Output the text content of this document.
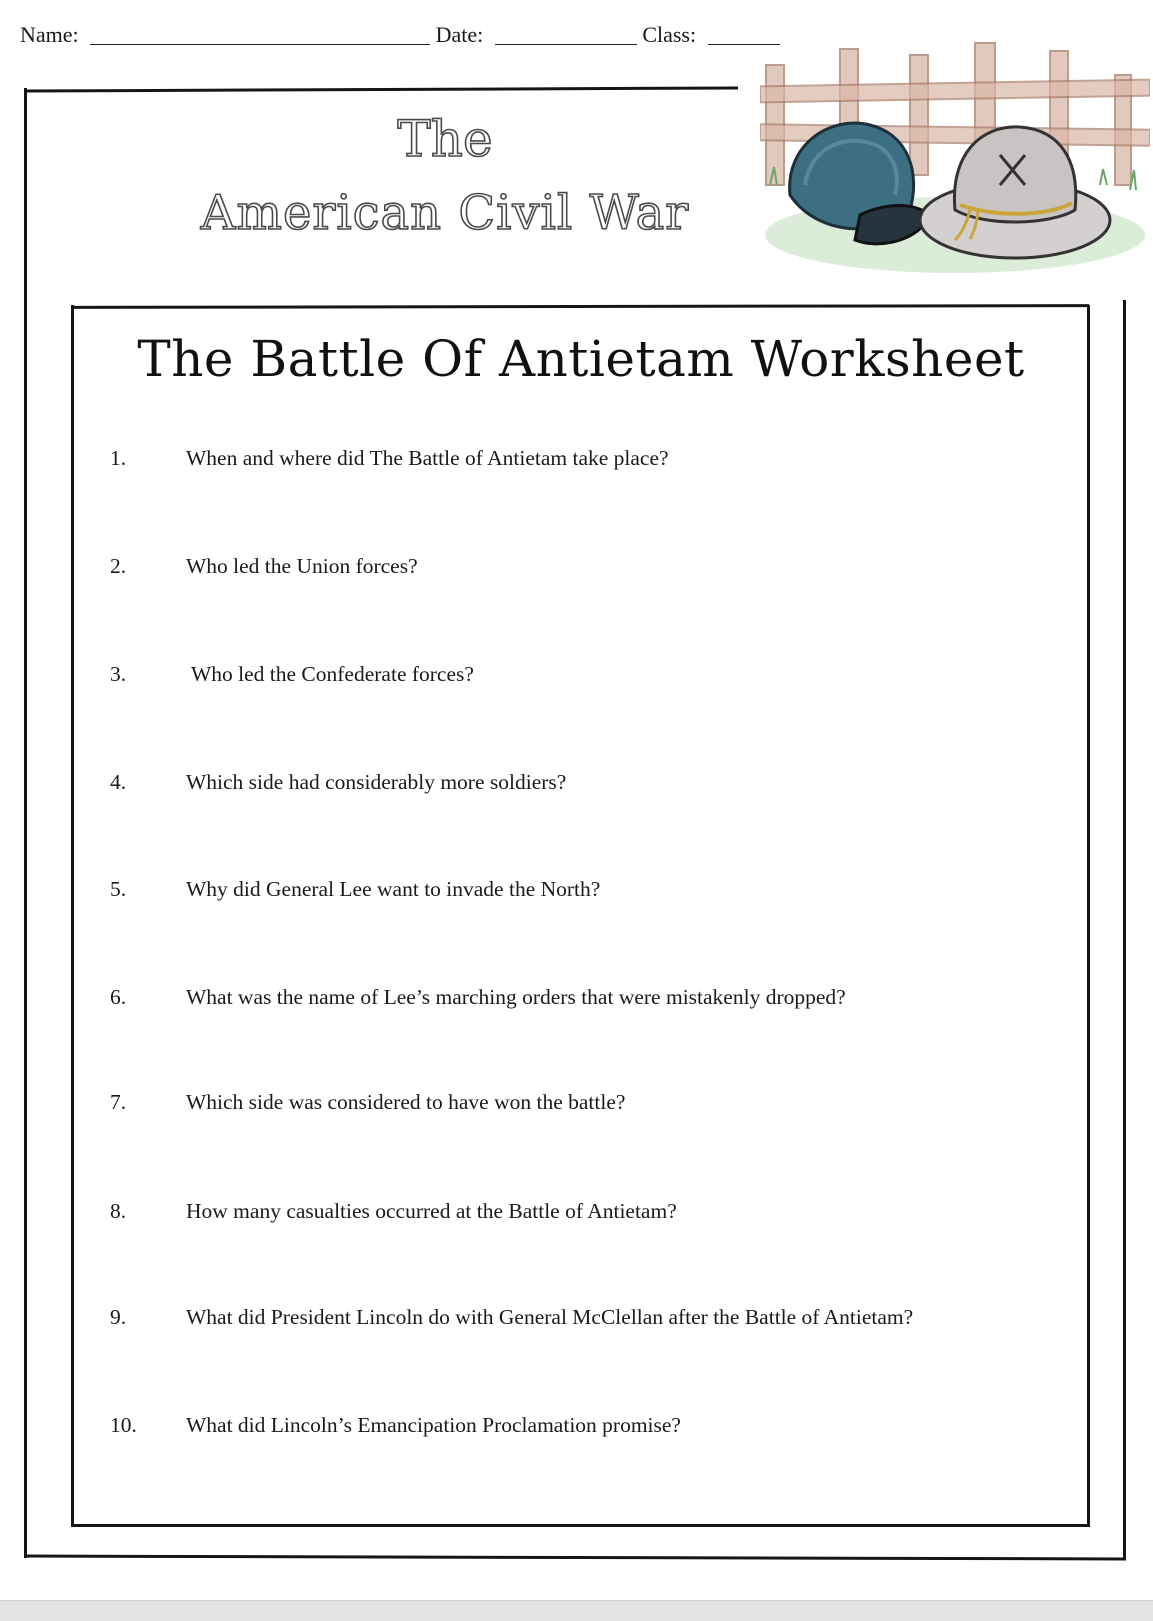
Name:	Date:	Class:
The
American Civil War
The Battle Of Antietam Worksheet
1.	When and where did The Battle of Antietam take place?
2.	Who led the Union forces?
3.	Who led the Confederate forces?
4.	Which side had considerably more soldiers?
5.	Why did General Lee want to invade the North?
6.	What was the name of Lee’s marching orders that were mistakenly dropped?
7.	Which side was considered to have won the battle?
8.	How many casualties occurred at the Battle of Antietam?
9.	What did President Lincoln do with General McClellan after the Battle of Antietam?
10. What did Lincoln’s Emancipation Proclamation promise?
